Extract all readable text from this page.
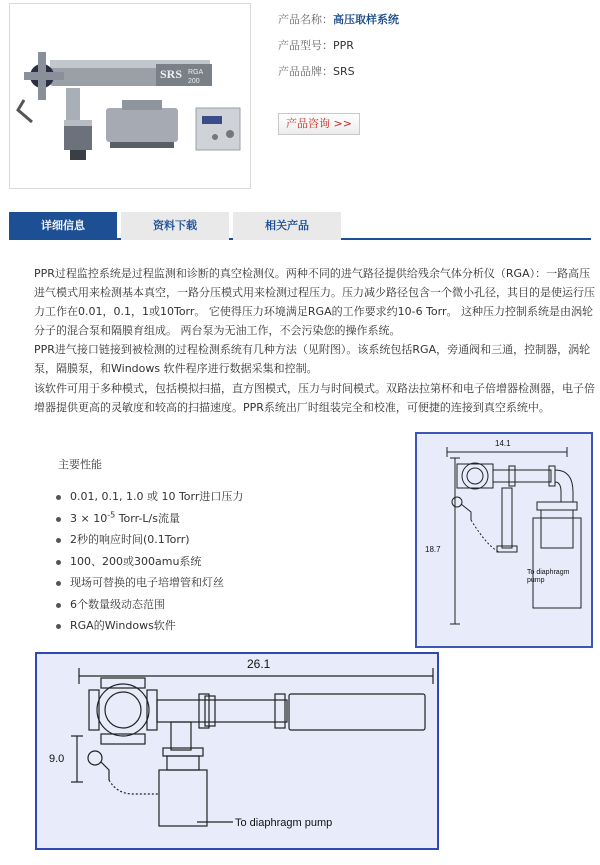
SRS RGA
200
产品名称：高压取样系统
产品型号：PPR
产品品牌：SRS
产品咨询 >>
详细信息	资料下载	相关产品

PPR过程监控系统是过程监测和诊断的真空检测仪。两种不同的进气路径提供给残余气体分析仪（RGA）：一路高压

进气模式用来检测基本真空，一路分压模式用来检测过程压力。压力减少路径包含一个微小孔径，其目的是使运行压

力工作在0.01，0.1，1或10Torr。 它使得压力环境满足RGA的工作要求约10-6 Torr。 这种压力控制系统是由涡轮

分子的混合泵和隔膜育组成。 两台泵为无油工作，不会污染您的操作系统。

PPR进气接口链接到被检测的过程检测系统有几种方法（见附图）。该系统包括RGA，旁通阀和三通，控制器，涡轮

泵，隔膜泵，和Windows 软件程序进行数据采集和控制。

该软件可用于多种模式，包括模拟扫描，直方图模式，压力与时间模式。双路法拉第杯和电子倍增器检测器，电子倍

增器提供更高的灵敏度和较高的扫描速度。PPR系统出厂时组装完全和校准，可便捷的连接到真空系统中。

主要性能
0.01, 0.1, 1.0 或 10 Torr进口压力
$3 \times 10^{-5}$ Torr-L/s流量
2秒的响应时间(0.1Torr)
100、200或300amu系统
现场可替换的电子培增管和灯丝
6个数量级动态范围
RGA的Windows软件
14.1
18.7
To diaphragm
pump
26.1
9.0
To diaphragm pump
